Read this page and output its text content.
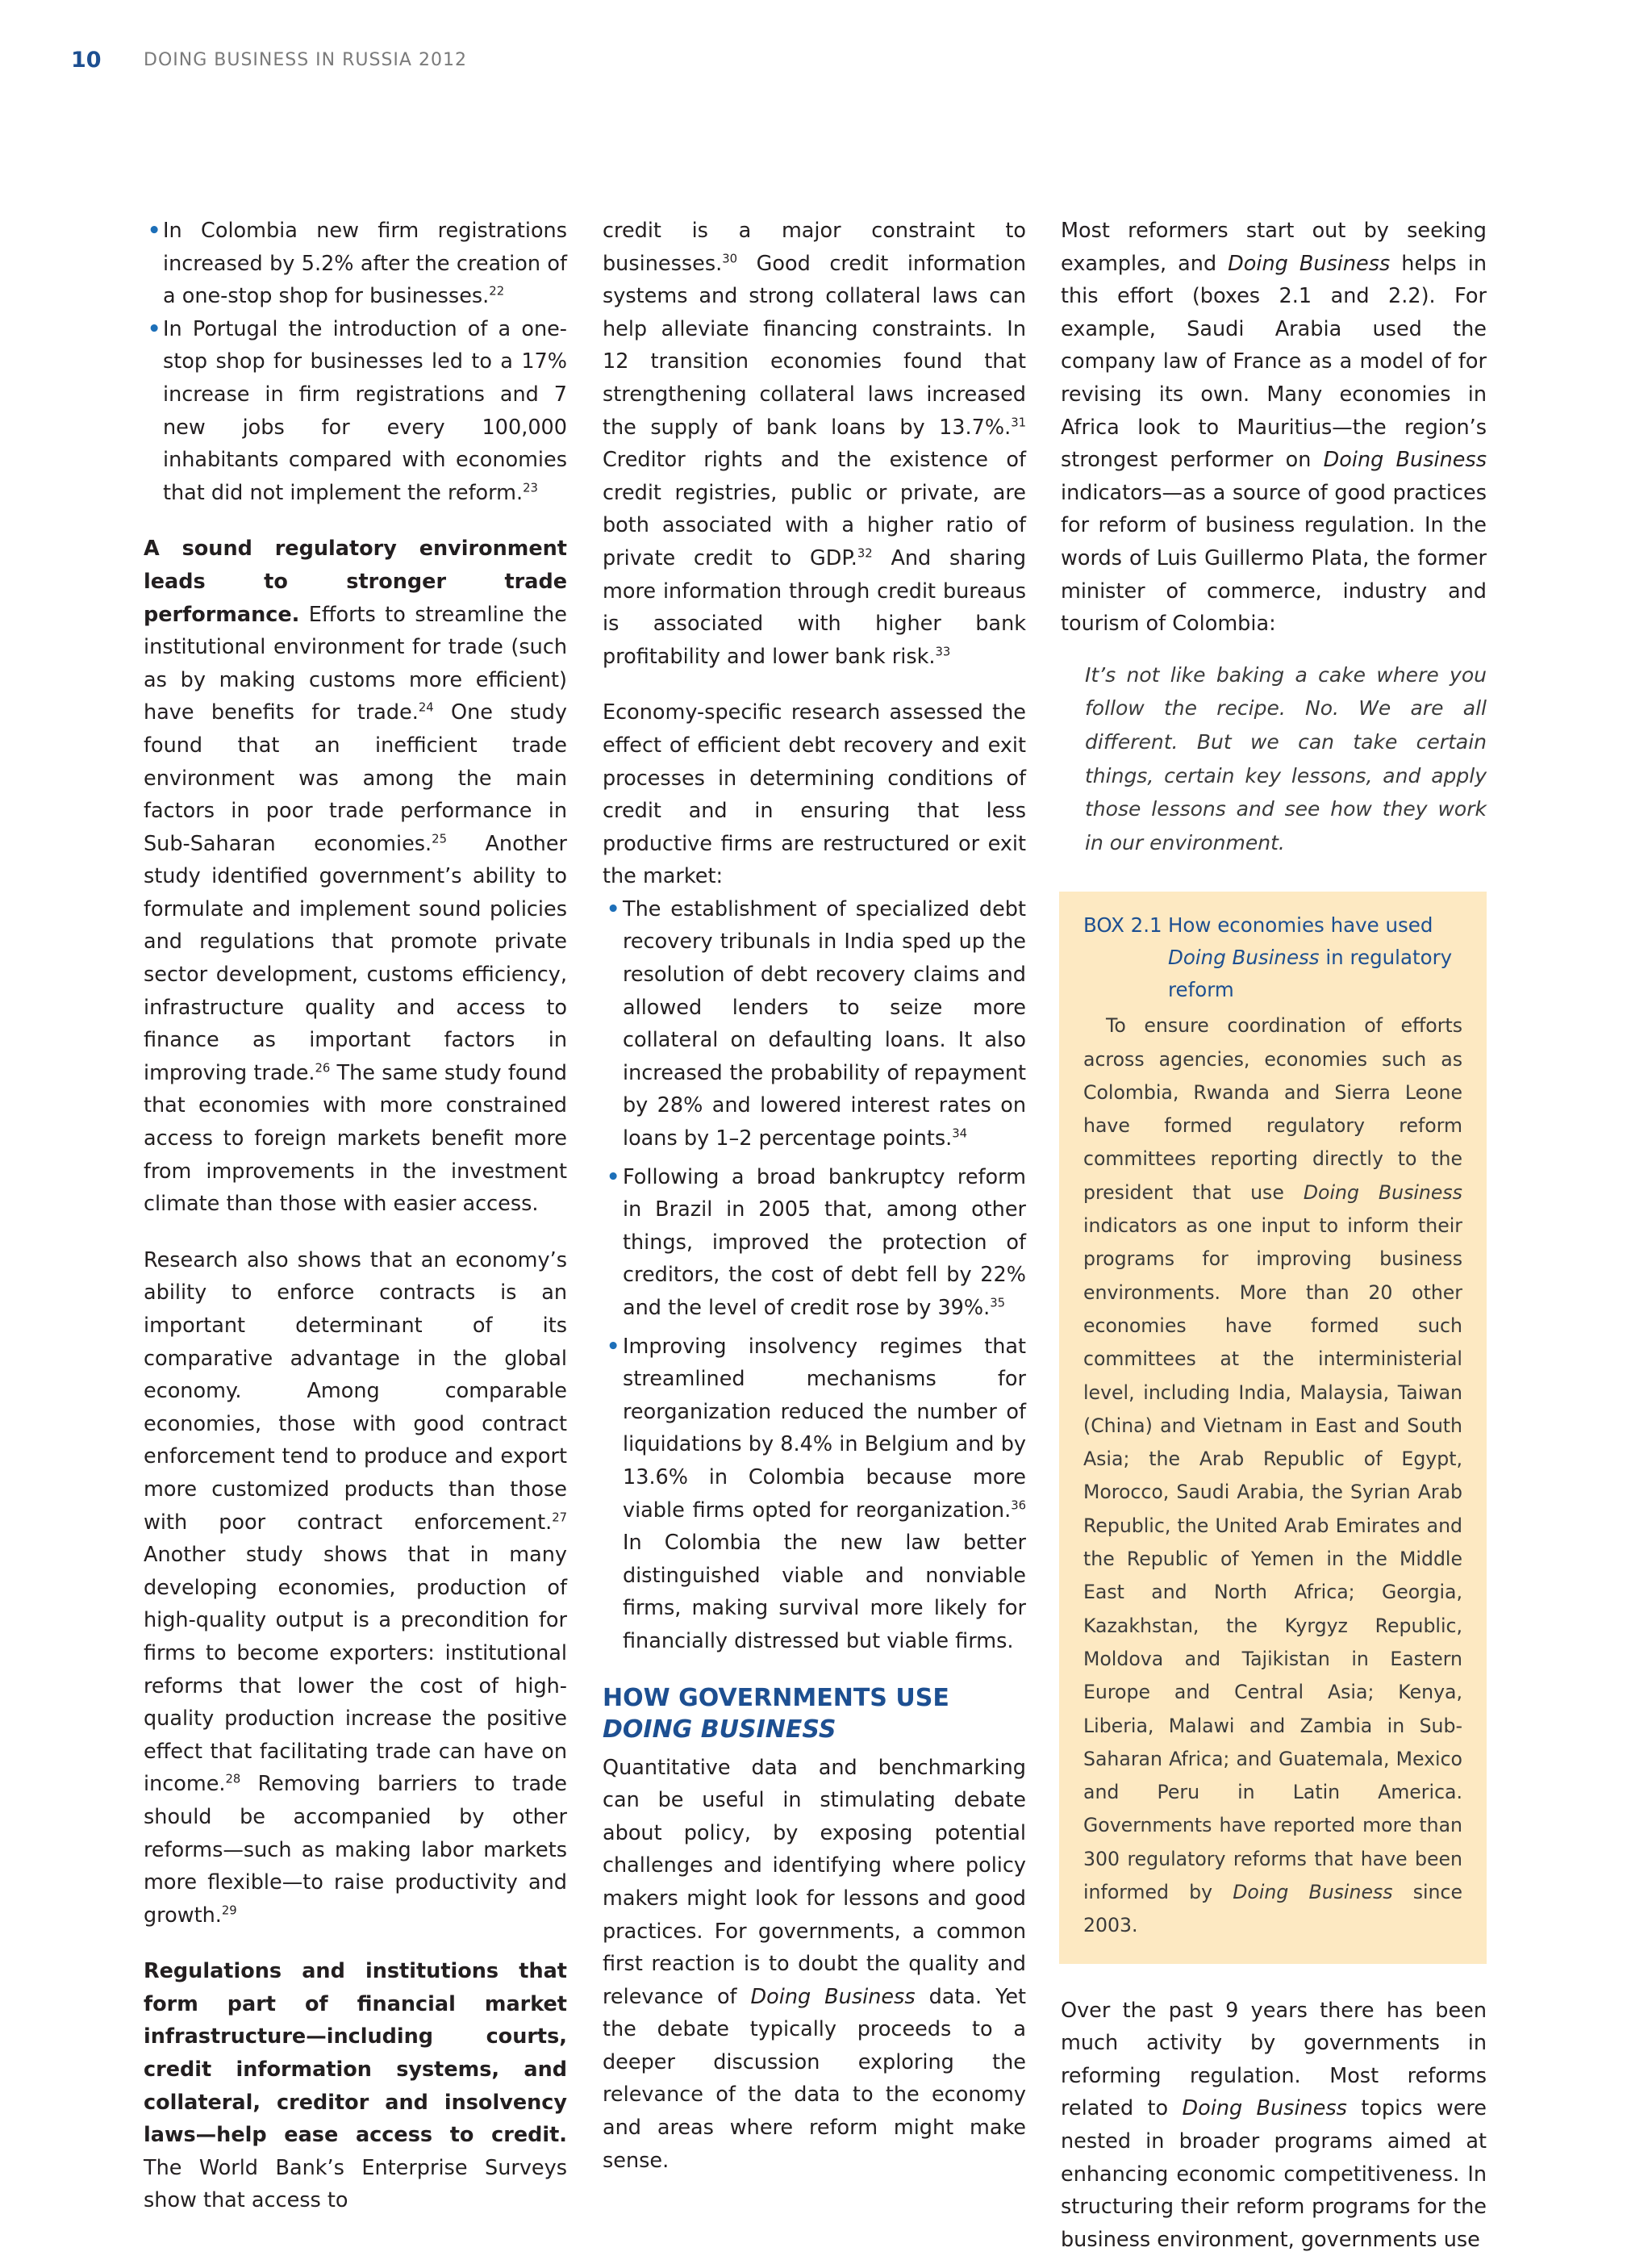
10	DOING BUSINESS IN RUSSIA 2012

• In Colombia new firm registrations increased by 5.2% after the creation of a one-stop shop for businesses.$^{22}$

• In Portugal the introduction of a one-stop shop for businesses led to a 17% increase in firm registrations and 7 new jobs for every 100,000 inhabitants compared with economies that did not implement the reform.$^{23}$

A sound regulatory environment leads to stronger trade performance. Efforts to streamline the institutional environment for trade (such as by making customs more efficient) have benefits for trade.$^{24}$ One study found that an inefficient trade environment was among the main factors in poor trade performance in Sub-Saharan economies.$^{25}$ Another study identified government’s ability to formulate and implement sound policies and regulations that promote private sector development, customs efficiency, infrastructure quality and access to finance as important factors in improving trade.$^{26}$ The same study found that economies with more constrained access to foreign markets benefit more from improvements in the investment climate than those with easier access.

Research also shows that an economy’s ability to enforce contracts is an important determinant of its comparative advantage in the global economy. Among comparable economies, those with good contract enforcement tend to produce and export more customized products than those with poor contract enforcement.$^{27}$ Another study shows that in many developing economies, production of high-quality output is a precondition for firms to become exporters: institutional reforms that lower the cost of high-quality production increase the positive effect that facilitating trade can have on income.$^{28}$ Removing barriers to trade should be accompanied by other reforms—such as making labor markets more flexible—to raise productivity and growth.$^{29}$

Regulations and institutions that form part of financial market infrastructure—including courts, credit information systems, and collateral, creditor and insolvency laws—help ease access to credit. The World Bank’s Enterprise Surveys show that access to

credit is a major constraint to businesses.$^{30}$ Good credit information systems and strong collateral laws can help alleviate financing constraints. In 12 transition economies found that strengthening collateral laws increased the supply of bank loans by 13.7%.$^{31}$ Creditor rights and the existence of credit registries, public or private, are both associated with a higher ratio of private credit to GDP.$^{32}$ And sharing more information through credit bureaus is associated with higher bank profitability and lower bank risk.$^{33}$

Economy-specific research assessed the effect of efficient debt recovery and exit processes in determining conditions of credit and in ensuring that less productive firms are restructured or exit the market:

• The establishment of specialized debt recovery tribunals in India sped up the resolution of debt recovery claims and allowed lenders to seize more collateral on defaulting loans. It also increased the probability of repayment by 28% and lowered interest rates on loans by 1–2 percentage points.$^{34}$

• Following a broad bankruptcy reform in Brazil in 2005 that, among other things, improved the protection of creditors, the cost of debt fell by 22% and the level of credit rose by 39%.$^{35}$

• Improving insolvency regimes that streamlined mechanisms for reorganization reduced the number of liquidations by 8.4% in Belgium and by 13.6% in Colombia because more viable firms opted for reorganization.$^{36}$ In Colombia the new law better distinguished viable and nonviable firms, making survival more likely for financially distressed but viable firms.

HOW GOVERNMENTS USE
DOING BUSINESS

Quantitative data and benchmarking can be useful in stimulating debate about policy, by exposing potential challenges and identifying where policy makers might look for lessons and good practices. For governments, a common first reaction is to doubt the quality and relevance of Doing Business data. Yet the debate typically proceeds to a deeper discussion exploring the relevance of the data to the economy and areas where reform might make sense.

Most reformers start out by seeking examples, and Doing Business helps in this effort (boxes 2.1 and 2.2). For example, Saudi Arabia used the company law of France as a model of for revising its own. Many economies in Africa look to Mauritius—the region’s strongest performer on Doing Business indicators—as a source of good practices for reform of business regulation. In the words of Luis Guillermo Plata, the former minister of commerce, industry and tourism of Colombia:

It’s not like baking a cake where you follow the recipe. No. We are all different. But we can take certain things, certain key lessons, and apply those lessons and see how they work in our environment.

BOX 2.1 How economies have used Doing Business in regulatory reform

To ensure coordination of efforts across agencies, economies such as Colombia, Rwanda and Sierra Leone have formed regulatory reform committees reporting directly to the president that use Doing Business indicators as one input to inform their programs for improving business environments. More than 20 other economies have formed such committees at the interministerial level, including India, Malaysia, Taiwan (China) and Vietnam in East and South Asia; the Arab Republic of Egypt, Morocco, Saudi Arabia, the Syrian Arab Republic, the United Arab Emirates and the Republic of Yemen in the Middle East and North Africa; Georgia, Kazakhstan, the Kyrgyz Republic, Moldova and Tajikistan in Eastern Europe and Central Asia; Kenya, Liberia, Malawi and Zambia in Sub-Saharan Africa; and Guatemala, Mexico and Peru in Latin America. Governments have reported more than 300 regulatory reforms that have been informed by Doing Business since 2003.

Over the past 9 years there has been much activity by governments in reforming regulation. Most reforms related to Doing Business topics were nested in broader programs aimed at enhancing economic competitiveness. In structuring their reform programs for the business environment, governments use
